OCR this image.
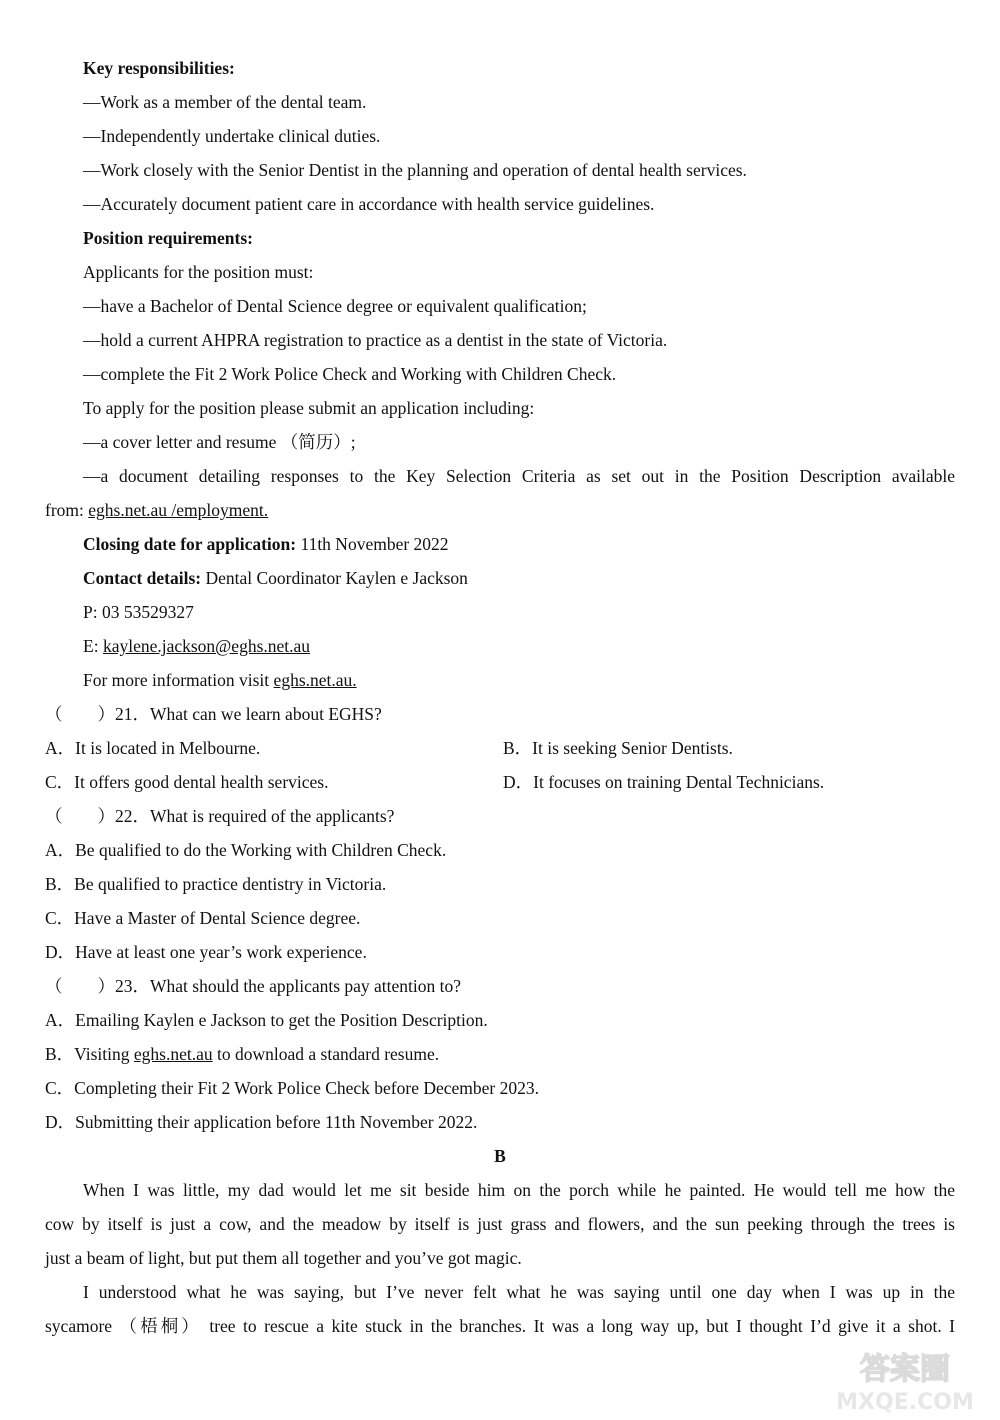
Key responsibilities:
—Work as a member of the dental team.
—Independently undertake clinical duties.
—Work closely with the Senior Dentist in the planning and operation of dental health services.
—Accurately document patient care in accordance with health service guidelines.
Position requirements:
Applicants for the position must:
—have a Bachelor of Dental Science degree or equivalent qualification;
—hold a current AHPRA registration to practice as a dentist in the state of Victoria.
—complete the Fit 2 Work Police Check and Working with Children Check.
To apply for the position please submit an application including:
—a cover letter and resume （简历）;
—a document detailing responses to the Key Selection Criteria as set out in the Position Description available
from: eghs.net.au /employment.
Closing date for application: 11th November 2022
Contact details: Dental Coordinator Kaylen e Jackson
P: 03 53529327
E: kaylene.jackson@eghs.net.au
For more information visit eghs.net.au.
（　　）21．What can we learn about EGHS?
A．It is located in Melbourne.	B．It is seeking Senior Dentists.
C．It offers good dental health services.	D．It focuses on training Dental Technicians.
（　　）22．What is required of the applicants?
A．Be qualified to do the Working with Children Check.
B．Be qualified to practice dentistry in Victoria.
C．Have a Master of Dental Science degree.
D．Have at least one year’s work experience.
（　　）23．What should the applicants pay attention to?
A．Emailing Kaylen e Jackson to get the Position Description.
B．Visiting eghs.net.au to download a standard resume.
C．Completing their Fit 2 Work Police Check before December 2023.
D．Submitting their application before 11th November 2022.
B
When I was little, my dad would let me sit beside him on the porch while he painted. He would tell me how the
cow by itself is just a cow, and the meadow by itself is just grass and flowers, and the sun peeking through the trees is
just a beam of light, but put them all together and you’ve got magic.
I understood what he was saying, but I’ve never felt what he was saying until one day when I was up in the
sycamore （梧桐） tree to rescue a kite stuck in the branches. It was a long way up, but I thought I’d give it a shot. I
答案圈
MXQE.COM
